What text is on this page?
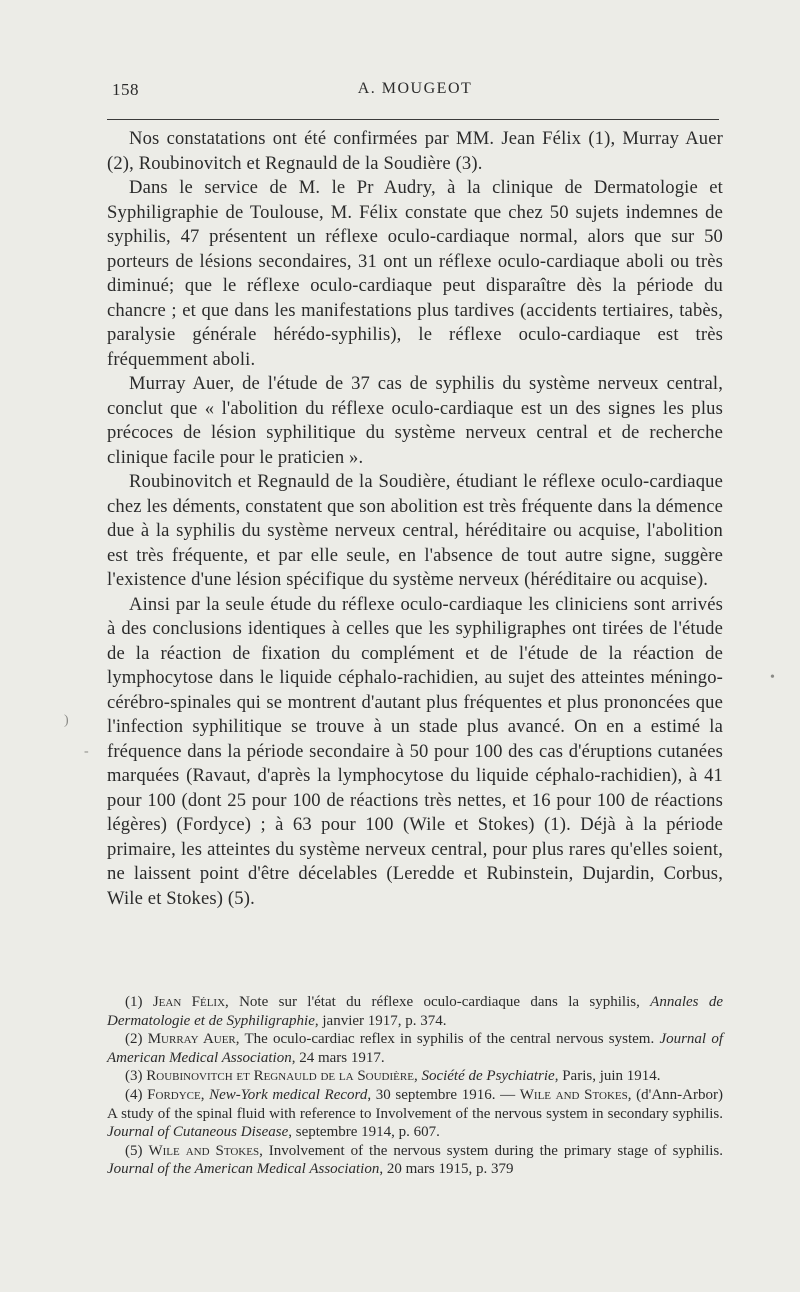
158	A. MOUGEOT

Nos constatations ont été confirmées par MM. Jean Félix (1), Murray Auer (2), Roubinovitch et Regnauld de la Soudière (3).

Dans le service de M. le Pr Audry, à la clinique de Dermatologie et Syphiligraphie de Toulouse, M. Félix constate que chez 50 sujets indemnes de syphilis, 47 présentent un réflexe oculo-cardiaque normal, alors que sur 50 porteurs de lésions secondaires, 31 ont un réflexe oculo-cardiaque aboli ou très diminué; que le réflexe oculo-cardiaque peut disparaître dès la période du chancre ; et que dans les manifestations plus tardives (accidents tertiaires, tabès, paralysie générale hérédo-syphilis), le réflexe oculo-cardiaque est très fréquemment aboli.

Murray Auer, de l'étude de 37 cas de syphilis du système nerveux central, conclut que « l'abolition du réflexe oculo-cardiaque est un des signes les plus précoces de lésion syphilitique du système nerveux central et de recherche clinique facile pour le praticien ».

Roubinovitch et Regnauld de la Soudière, étudiant le réflexe oculo-cardiaque chez les déments, constatent que son abolition est très fréquente dans la démence due à la syphilis du système nerveux central, héréditaire ou acquise, l'abolition est très fréquente, et par elle seule, en l'absence de tout autre signe, suggère l'existence d'une lésion spécifique du système nerveux (héréditaire ou acquise).

Ainsi par la seule étude du réflexe oculo-cardiaque les cliniciens sont arrivés à des conclusions identiques à celles que les syphiligraphes ont tirées de l'étude de la réaction de fixation du complément et de l'étude de la réaction de lymphocytose dans le liquide céphalo-rachidien, au sujet des atteintes méningo-cérébro-spinales qui se montrent d'autant plus fréquentes et plus prononcées que l'infection syphilitique se trouve à un stade plus avancé. On en a estimé la fréquence dans la période secondaire à 50 pour 100 des cas d'éruptions cutanées marquées (Ravaut, d'après la lymphocytose du liquide céphalo-rachidien), à 41 pour 100 (dont 25 pour 100 de réactions très nettes, et 16 pour 100 de réactions légères) (Fordyce) ; à 63 pour 100 (Wile et Stokes) (1). Déjà à la période primaire, les atteintes du système nerveux central, pour plus rares qu'elles soient, ne laissent point d'être décelables (Leredde et Rubinstein, Dujardin, Corbus, Wile et Stokes) (5).

(1) Jean Félix, Note sur l'état du réflexe oculo-cardiaque dans la syphilis, Annales de Dermatologie et de Syphiligraphie, janvier 1917, p. 374.

(2) Murray Auer, The oculo-cardiac reflex in syphilis of the central nervous system. Journal of American Medical Association, 24 mars 1917.

(3) Roubinovitch et Regnauld de la Soudière, Société de Psychiatrie, Paris, juin 1914.

(4) Fordyce, New-York medical Record, 30 septembre 1916. — Wile and Stokes, (d'Ann-Arbor) A study of the spinal fluid with reference to Involvement of the nervous system in secondary syphilis. Journal of Cutaneous Disease, septembre 1914, p. 607.

(5) Wile and Stokes, Involvement of the nervous system during the primary stage of syphilis. Journal of the American Medical Association, 20 mars 1915, p. 379

)
-
•
